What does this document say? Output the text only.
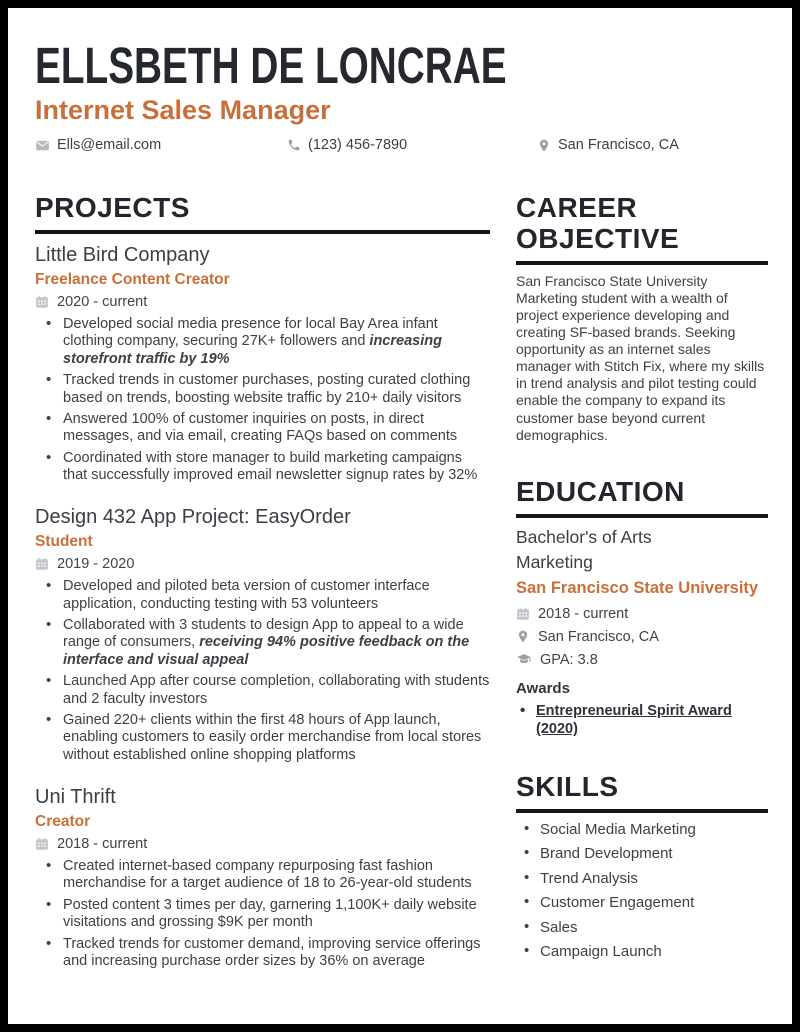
ELLSBETH DE LONCRAE
Internet Sales Manager
Ells@email.com	(123) 456-7890	San Francisco, CA
PROJECTS
Little Bird Company
Freelance Content Creator
2020 - current
• Developed social media presence for local Bay Area infant clothing company, securing 27K+ followers and increasing storefront traffic by 19%
• Tracked trends in customer purchases, posting curated clothing based on trends, boosting website traffic by 210+ daily visitors
• Answered 100% of customer inquiries on posts, in direct messages, and via email, creating FAQs based on comments
• Coordinated with store manager to build marketing campaigns that successfully improved email newsletter signup rates by 32%
Design 432 App Project: EasyOrder
Student
2019 - 2020
• Developed and piloted beta version of customer interface application, conducting testing with 53 volunteers
• Collaborated with 3 students to design App to appeal to a wide range of consumers, receiving 94% positive feedback on the interface and visual appeal
• Launched App after course completion, collaborating with students and 2 faculty investors
• Gained 220+ clients within the first 48 hours of App launch, enabling customers to easily order merchandise from local stores without established online shopping platforms
Uni Thrift
Creator
2018 - current
• Created internet-based company repurposing fast fashion merchandise for a target audience of 18 to 26-year-old students
• Posted content 3 times per day, garnering 1,100K+ daily website visitations and grossing $9K per month
• Tracked trends for customer demand, improving service offerings and increasing purchase order sizes by 36% on average
CAREER OBJECTIVE

San Francisco State University Marketing student with a wealth of project experience developing and creating SF-based brands. Seeking opportunity as an internet sales manager with Stitch Fix, where my skills in trend analysis and pilot testing could enable the company to expand its customer base beyond current demographics.

EDUCATION
Bachelor's of Arts
Marketing
San Francisco State University
2018 - current
San Francisco, CA
GPA: 3.8
Awards
• Entrepreneurial Spirit Award (2020)
SKILLS
• Social Media Marketing
• Brand Development
• Trend Analysis
• Customer Engagement
• Sales
• Campaign Launch
